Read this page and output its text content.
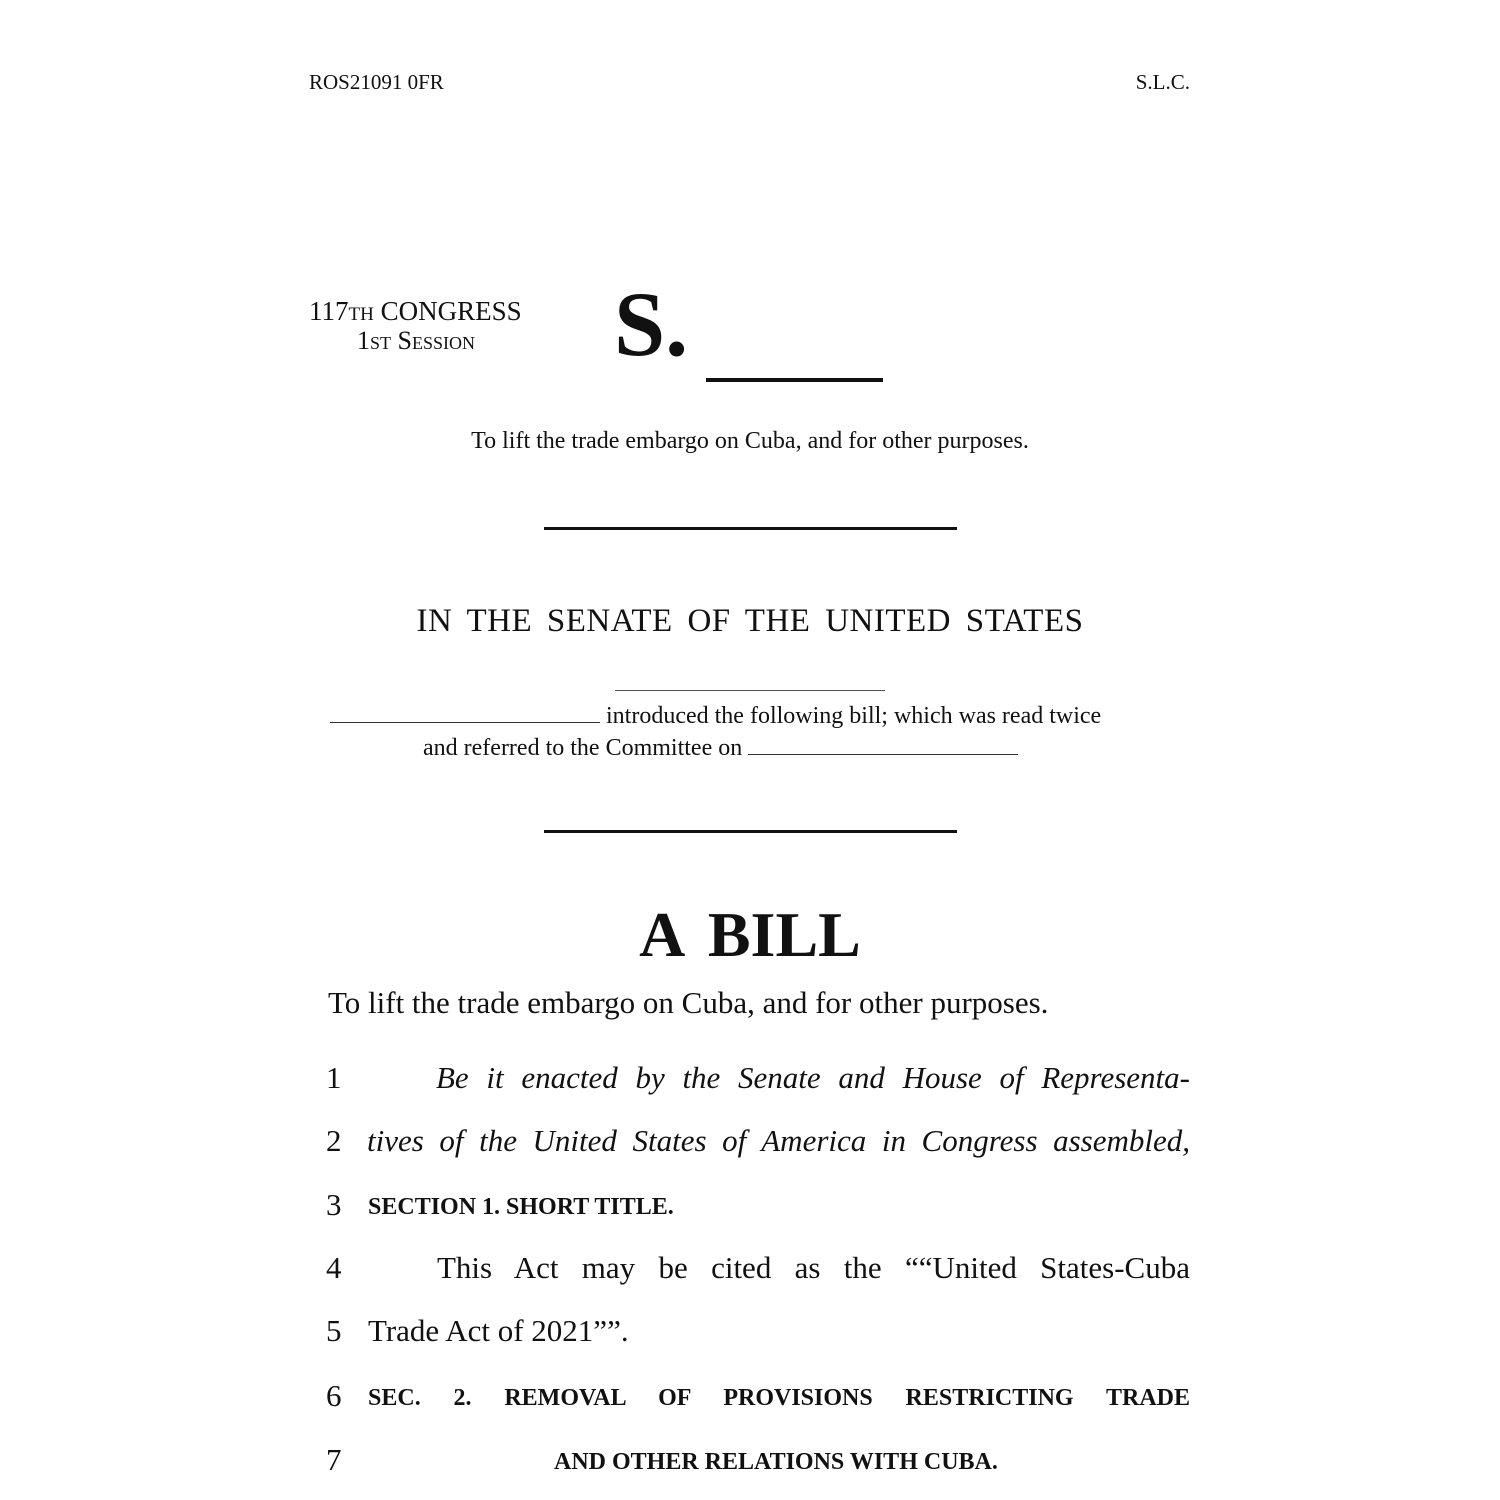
ROS21091 0FR	S.L.C.
117th CONGRESS
1st Session S.
To lift the trade embargo on Cuba, and for other purposes.
IN THE SENATE OF THE UNITED STATES
introduced the following bill; which was read twice
and referred to the Committee on
A BILL
To lift the trade embargo on Cuba, and for other purposes.
1	Be it enacted by the Senate and House of Representa-
2 tives of the United States of America in Congress assembled,
3 SECTION 1. SHORT TITLE.
4	This Act may be cited as the ““United States-Cuba
5 Trade Act of 2021””.
6 SEC. 2. REMOVAL OF PROVISIONS RESTRICTING TRADE
7	AND OTHER RELATIONS WITH CUBA.
